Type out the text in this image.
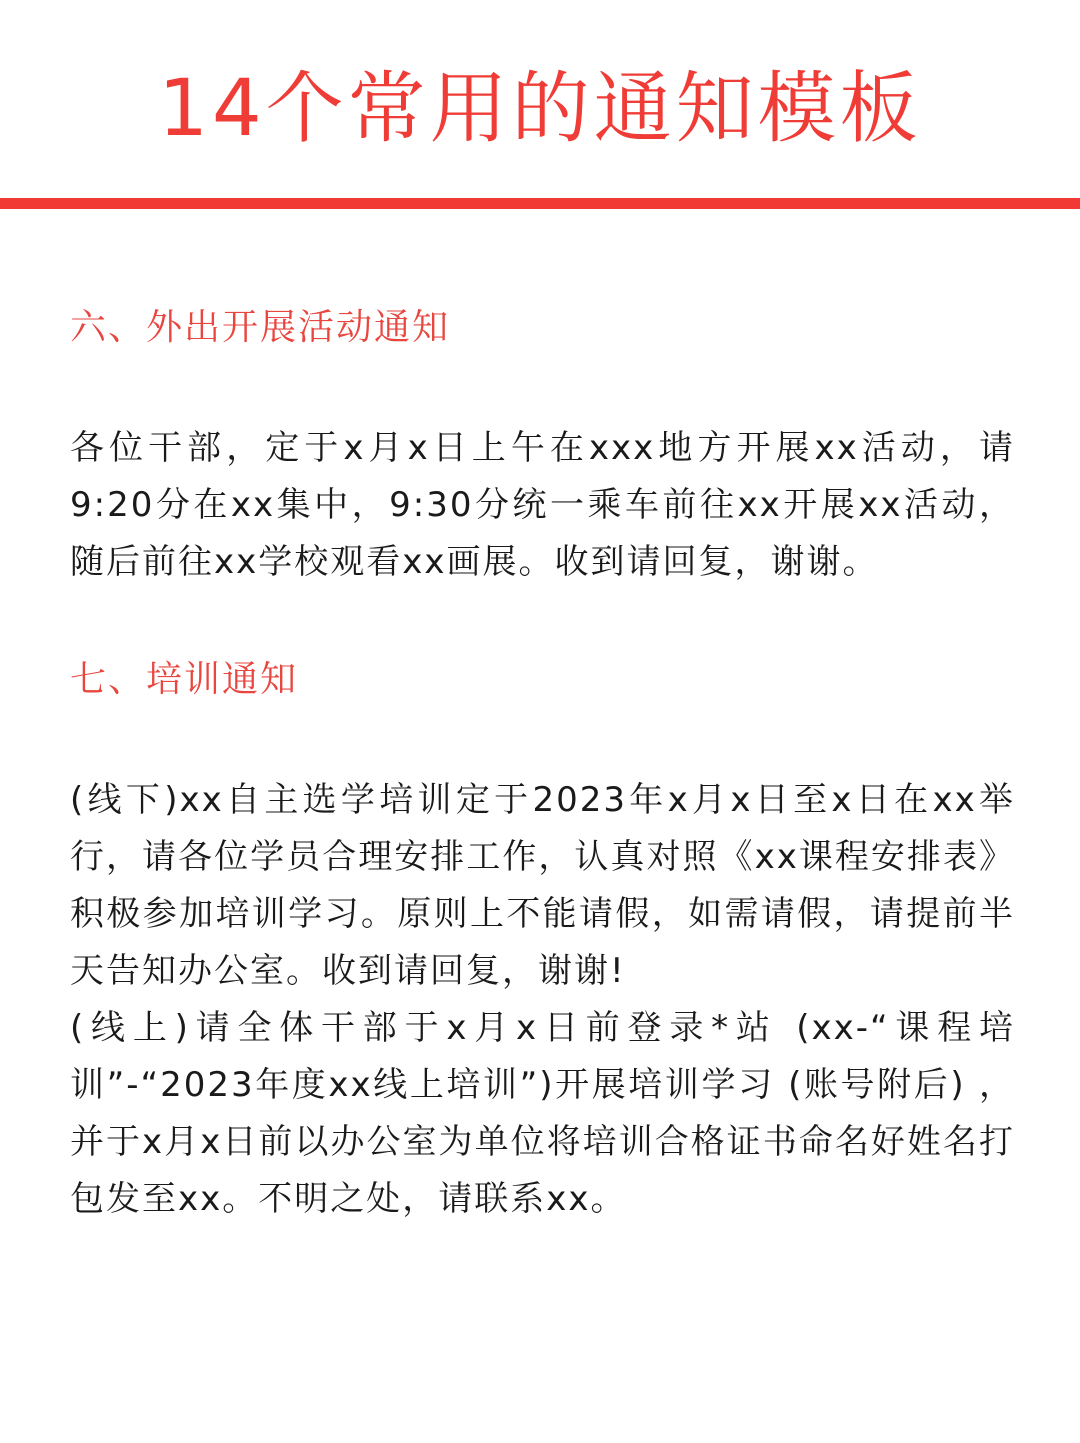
14个常用的通知模板
六、外出开展活动通知

各位干部，定于x月x日上午在xxx地方开展xx活动，请9:20分在xx集中，9:30分统一乘车前往xx开展xx活动，随后前往xx学校观看xx画展。收到请回复，谢谢。

七、培训通知

(线下)xx自主选学培训定于2023年x月x日至x日在xx举行，请各位学员合理安排工作，认真对照《xx课程安排表》积极参加培训学习。原则上不能请假，如需请假，请提前半天告知办公室。收到请回复，谢谢!

(线上)请全体干部于x月x日前登录*站 (xx-“课程培训”-“2023年度xx线上培训”)开展培训学习 (账号附后) ，并于x月x日前以办公室为单位将培训合格证书命名好姓名打包发至xx。不明之处，请联系xx。
